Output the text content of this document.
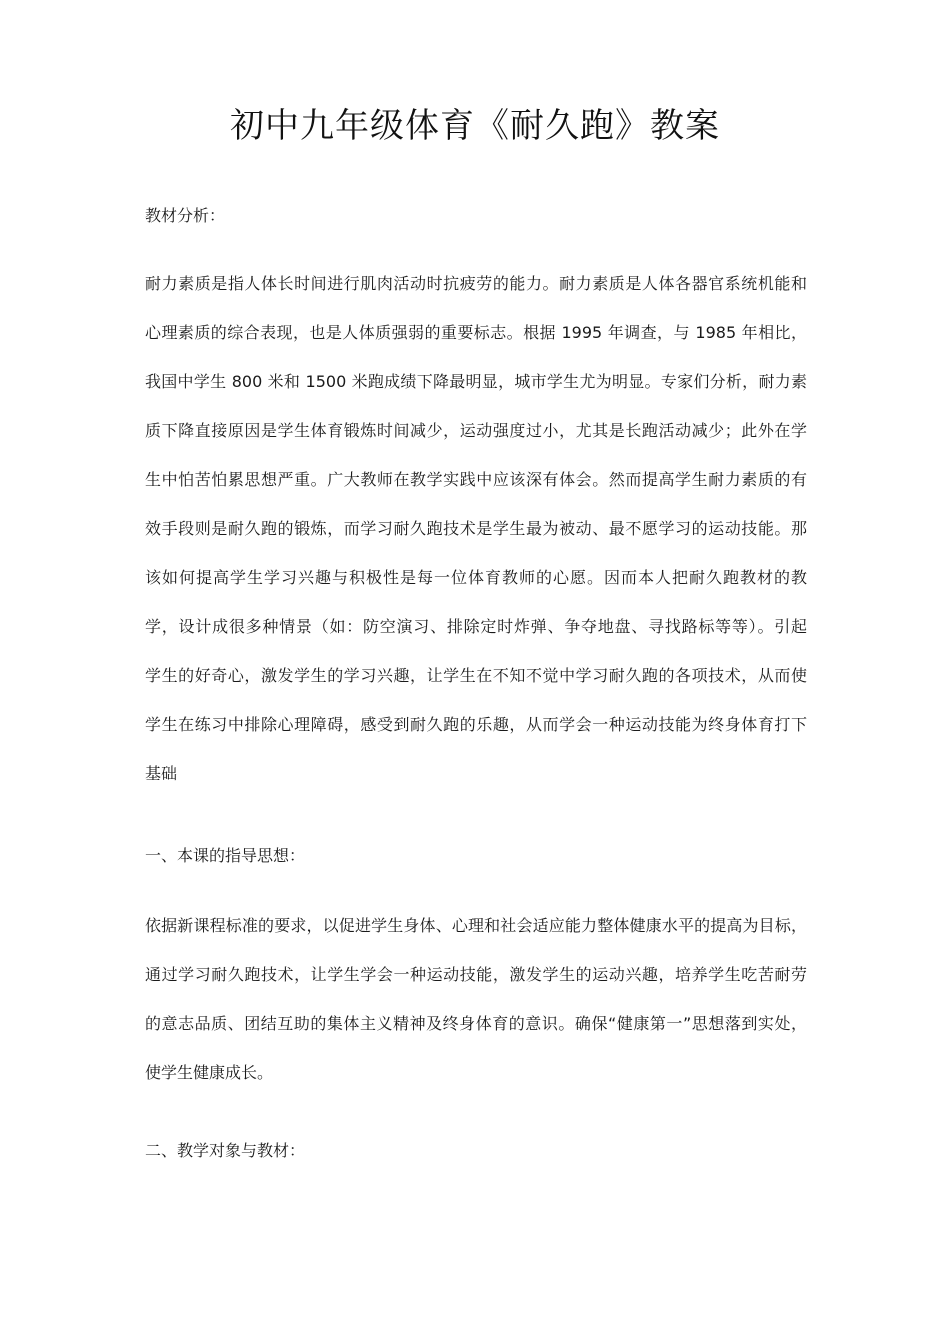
初中九年级体育《耐久跑》教案
教材分析：
耐力素质是指人体长时间进行肌肉活动时抗疲劳的能力。耐力素质是人体各器官系统机能和
心理素质的综合表现，也是人体质强弱的重要标志。根据 1995 年调查，与 1985 年相比，
我国中学生 800 米和 1500 米跑成绩下降最明显，城市学生尤为明显。专家们分析，耐力素
质下降直接原因是学生体育锻炼时间减少，运动强度过小，尤其是长跑活动减少；此外在学
生中怕苦怕累思想严重。广大教师在教学实践中应该深有体会。然而提高学生耐力素质的有
效手段则是耐久跑的锻炼，而学习耐久跑技术是学生最为被动、最不愿学习的运动技能。那
该如何提高学生学习兴趣与积极性是每一位体育教师的心愿。因而本人把耐久跑教材的教
学，设计成很多种情景（如：防空演习、排除定时炸弹、争夺地盘、寻找路标等等）。引起
学生的好奇心，激发学生的学习兴趣，让学生在不知不觉中学习耐久跑的各项技术，从而使
学生在练习中排除心理障碍，感受到耐久跑的乐趣，从而学会一种运动技能为终身体育打下
基础
一、本课的指导思想：
依据新课程标准的要求，以促进学生身体、心理和社会适应能力整体健康水平的提高为目标，
通过学习耐久跑技术，让学生学会一种运动技能，激发学生的运动兴趣，培养学生吃苦耐劳
的意志品质、团结互助的集体主义精神及终身体育的意识。确保“健康第一”思想落到实处，
使学生健康成长。
二、教学对象与教材：
